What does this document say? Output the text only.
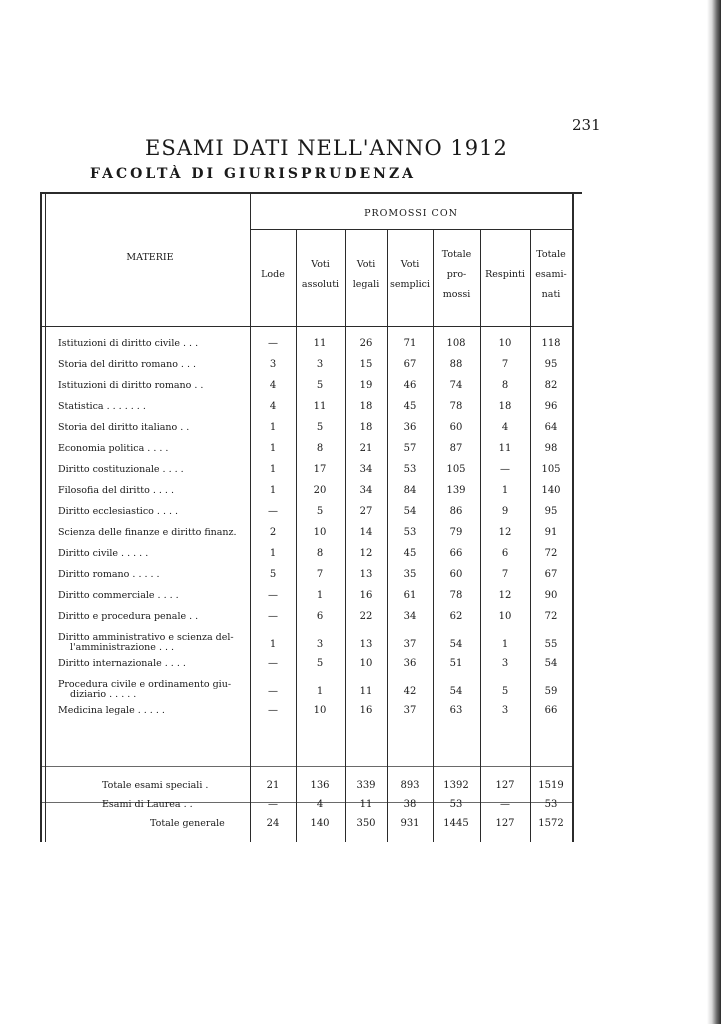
231
ESAMI DATI NELL'ANNO 1912
FACOLTÀ DI GIURISPRUDENZA
MATERIE
PROMOSSI CON
Lode
Voti
assoluti
Voti
legali
Voti
semplici
Totale
pro-
mossi
Respinti
Totale
esami-
nati
Istituzioni di diritto civile . . .	—	11	26	71	108	10	118
Storia del diritto romano . . .	3	3	15	67	88	7	95
Istituzioni di diritto romano . .	4	5	19	46	74	8	82
Statistica . . . . . . .	4	11	18	45	78	18	96
Storia del diritto italiano . .	1	5	18	36	60	4	64
Economia politica . . . .	1	8	21	57	87	11	98
Diritto costituzionale . . . .	1	17	34	53	105	—	105
Filosofia del diritto . . . .	1	20	34	84	139	1	140
Diritto ecclesiastico . . . .	—	5	27	54	86	9	95
Scienza delle finanze e diritto finanz.	2	10	14	53	79	12	91
Diritto civile . . . . .	1	8	12	45	66	6	72
Diritto romano . . . . .	5	7	13	35	60	7	67
Diritto commerciale . . . .	—	1	16	61	78	12	90
Diritto e procedura penale . .	—	6	22	34	62	10	72
Diritto amministrativo e scienza del-
l'amministrazione . . .	1	3	13	37	54	1	55
Diritto internazionale . . . .	—	5	10	36	51	3	54
Procedura civile e ordinamento giu-
diziario . . . . .	—	1	11	42	54	5	59
Medicina legale . . . . .	—	10	16	37	63	3	66
Totale esami speciali .	21	136	339	893	1392	127	1519
Esami di Laurea . .	—	4	11	38	53	—	53
Totale generale	24	140	350	931	1445	127	1572
